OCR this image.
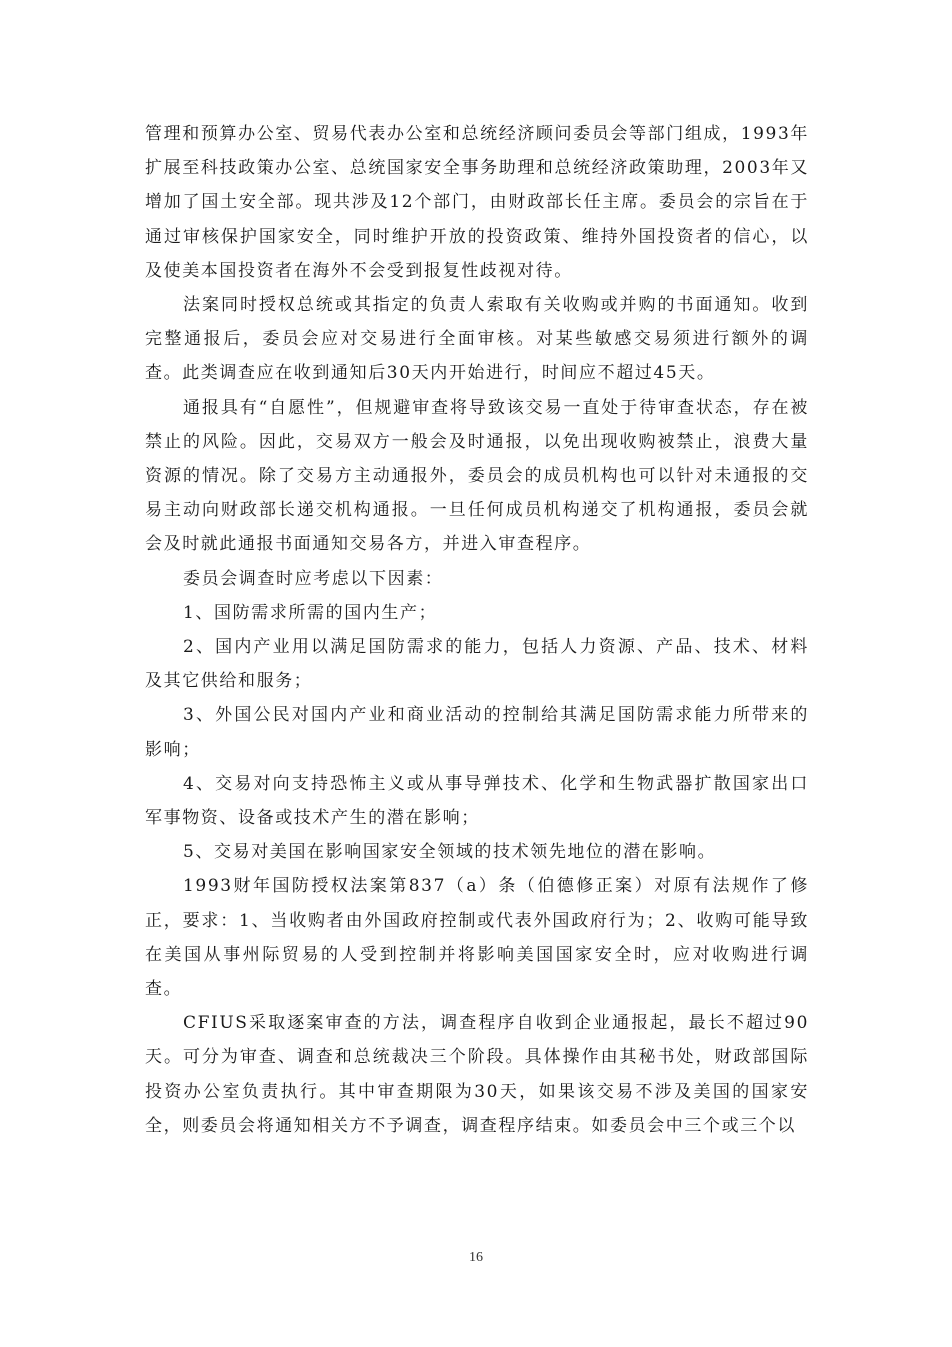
管理和预算办公室、贸易代表办公室和总统经济顾问委员会等部门组成，1993年扩展至科技政策办公室、总统国家安全事务助理和总统经济政策助理，2003年又增加了国土安全部。现共涉及12个部门，由财政部长任主席。委员会的宗旨在于通过审核保护国家安全，同时维护开放的投资政策、维持外国投资者的信心，以及使美本国投资者在海外不会受到报复性歧视对待。

法案同时授权总统或其指定的负责人索取有关收购或并购的书面通知。收到完整通报后，委员会应对交易进行全面审核。对某些敏感交易须进行额外的调查。此类调查应在收到通知后30天内开始进行，时间应不超过45天。

通报具有“自愿性”，但规避审查将导致该交易一直处于待审查状态，存在被禁止的风险。因此，交易双方一般会及时通报，以免出现收购被禁止，浪费大量资源的情况。除了交易方主动通报外，委员会的成员机构也可以针对未通报的交易主动向财政部长递交机构通报。一旦任何成员机构递交了机构通报，委员会就会及时就此通报书面通知交易各方，并进入审查程序。

委员会调查时应考虑以下因素：

1、国防需求所需的国内生产；

2、国内产业用以满足国防需求的能力，包括人力资源、产品、技术、材料及其它供给和服务；

3、外国公民对国内产业和商业活动的控制给其满足国防需求能力所带来的影响；

4、交易对向支持恐怖主义或从事导弹技术、化学和生物武器扩散国家出口军事物资、设备或技术产生的潜在影响；

5、交易对美国在影响国家安全领域的技术领先地位的潜在影响。

1993财年国防授权法案第837（a）条（伯德修正案）对原有法规作了修正，要求：1、当收购者由外国政府控制或代表外国政府行为；2、收购可能导致在美国从事州际贸易的人受到控制并将影响美国国家安全时，应对收购进行调查。

CFIUS采取逐案审查的方法，调查程序自收到企业通报起，最长不超过90天。可分为审查、调查和总统裁决三个阶段。具体操作由其秘书处，财政部国际投资办公室负责执行。其中审查期限为30天，如果该交易不涉及美国的国家安全，则委员会将通知相关方不予调查，调查程序结束。如委员会中三个或三个以

16
